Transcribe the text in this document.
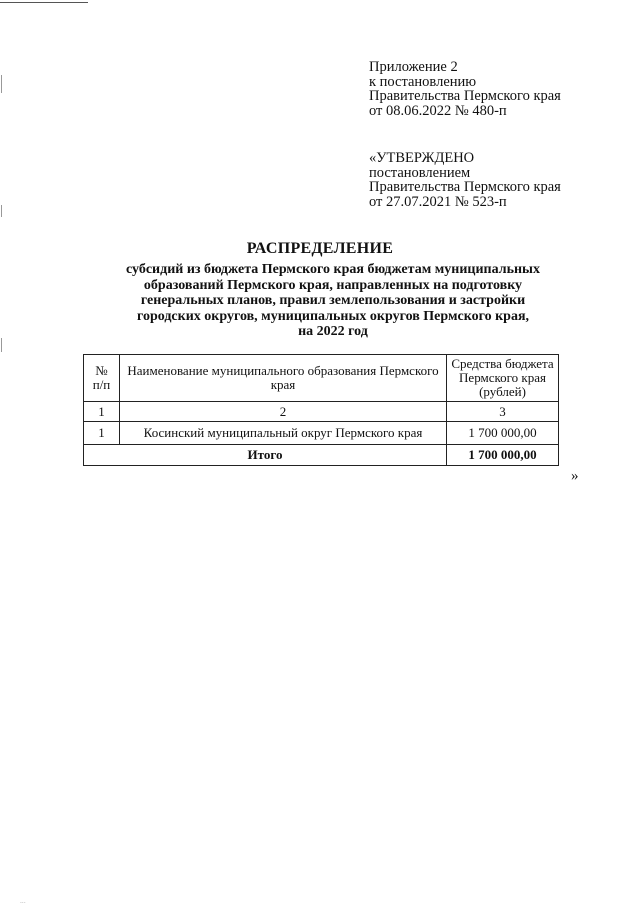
Приложение 2
к постановлению
Правительства Пермского края
от 08.06.2022 № 480-п
«УТВЕРЖДЕНО
постановлением
Правительства Пермского края
от 27.07.2021 № 523-п
РАСПРЕДЕЛЕНИЕ
субсидий из бюджета Пермского края бюджетам муниципальных
образований Пермского края, направленных на подготовку
генеральных планов, правил землепользования и застройки
городских округов, муниципальных округов Пермского края,
на 2022 год
№
п/п	Наименование муниципального образования Пермского края	Средства бюджета Пермского края (рублей)
1	2	3
1	Косинский муниципальный округ Пермского края	1 700 000,00
Итого		1 700 000,00
»
...
